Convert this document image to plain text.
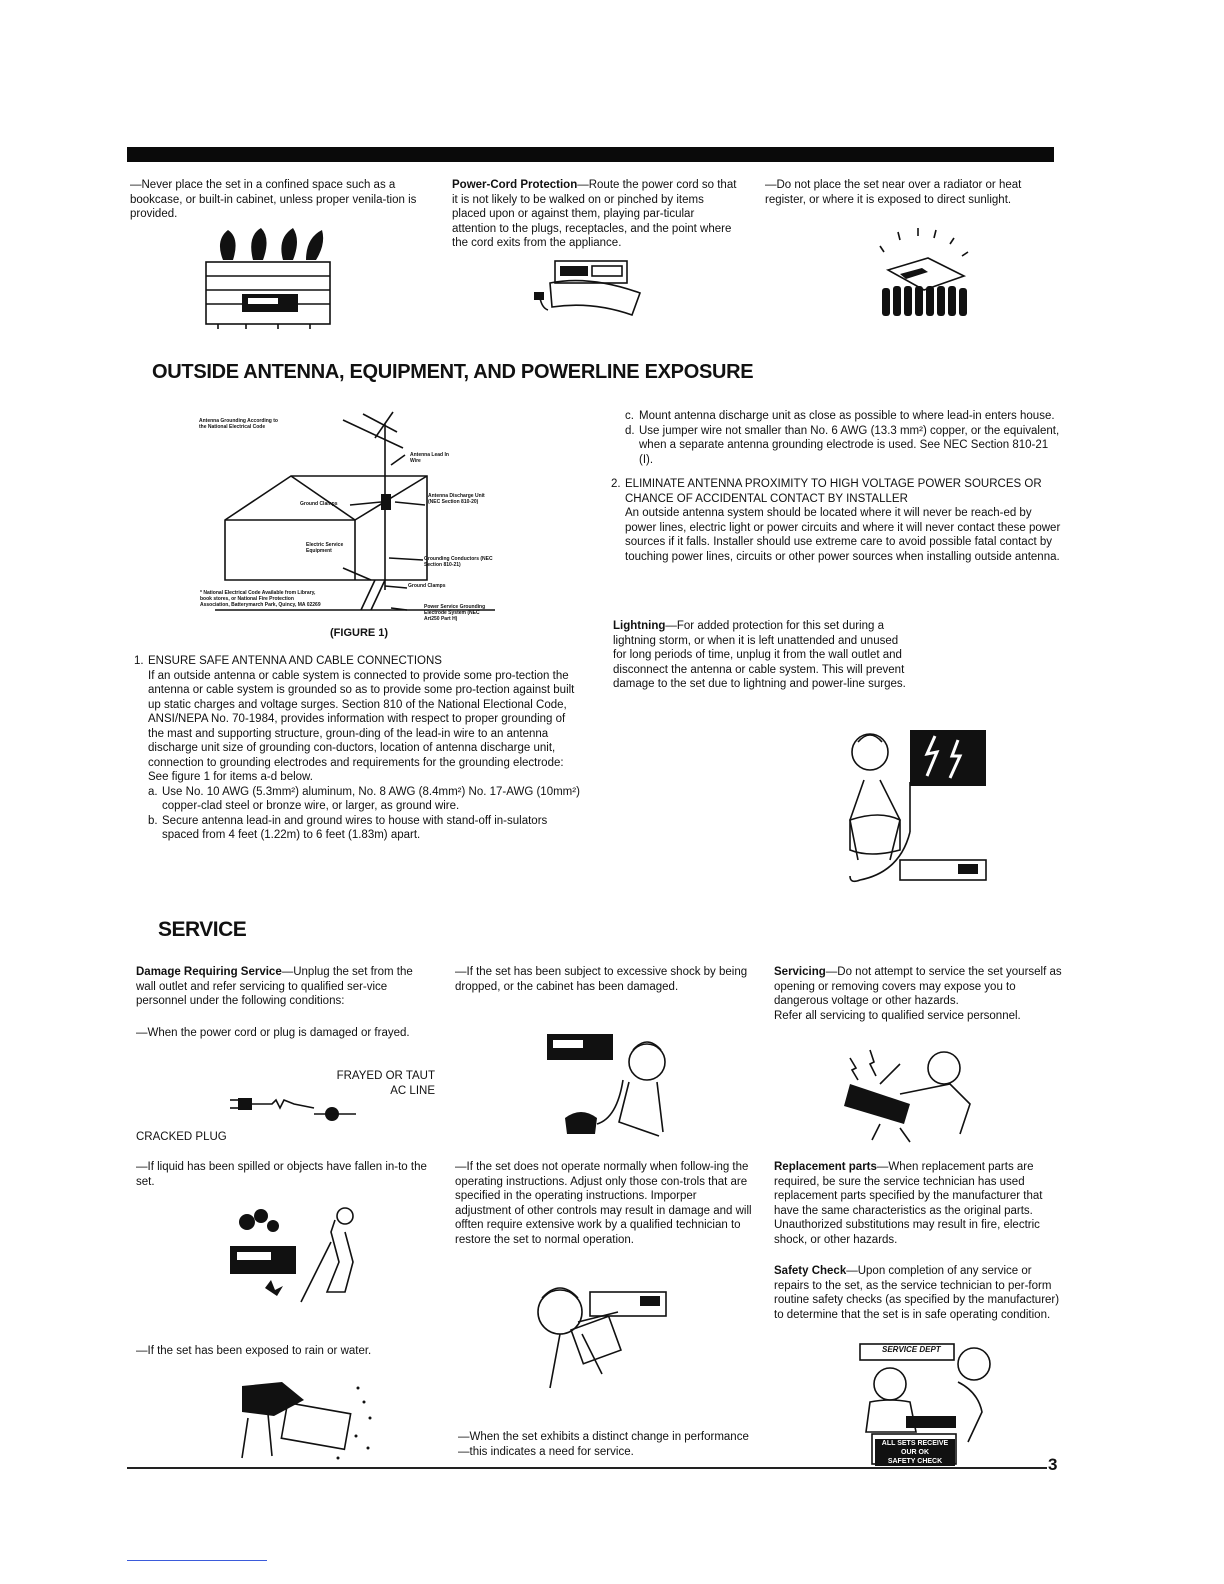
—Never place the set in a confined space such as a bookcase, or built-in cabinet, unless proper venila-tion is provided.
Power-Cord Protection—Route the power cord so that it is not likely to be walked on or pinched by items placed upon or against them, playing par-ticular attention to the plugs, receptacles, and the point where the cord exits from the appliance.
—Do not place the set near over a radiator or heat register, or where it is exposed to direct sunlight.
OUTSIDE ANTENNA, EQUIPMENT, AND POWERLINE EXPOSURE
Antenna Grounding According to
the National Electrical Code
Antenna Lead In Wire
Ground Clamps
Antenna Discharge Unit (NEC Section 810-20)
Electric Service Equipment
Grounding Conductors (NEC Section 810-21)
Ground Clamps
Power Service Grounding Electrode System (NEC Art250 Part H)
* National Electrical Code Available from Library, book stores, or National Fire Protection Association, Batterymarch Park, Quincy, MA 02269
(FIGURE 1)
1. ENSURE SAFE ANTENNA AND CABLE CONNECTIONS
If an outside antenna or cable system is connected to provide some pro-tection the antenna or cable system is grounded so as to provide some pro-tection against built up static charges and voltage surges. Section 810 of the National Electional Code, ANSI/NEPA No. 70-1984, provides information with respect to proper grounding of the mast and supporting structure, groun-ding of the lead-in wire to an antenna discharge unit size of grounding con-ductors, location of antenna discharge unit, connection to grounding electrodes and requirements for the grounding electrode:
See figure 1 for items a-d below.
a. Use No. 10 AWG (5.3mm²) aluminum, No. 8 AWG (8.4mm²) No. 17-AWG (10mm²) copper-clad steel or bronze wire, or larger, as ground wire.
b. Secure antenna lead-in and ground wires to house with stand-off in-sulators spaced from 4 feet (1.22m) to 6 feet (1.83m) apart.
c. Mount antenna discharge unit as close as possible to where lead-in enters house.
d. Use jumper wire not smaller than No. 6 AWG (13.3 mm²) copper, or the equivalent, when a separate antenna grounding electrode is used. See NEC Section 810-21 (I).
2. ELIMINATE ANTENNA PROXIMITY TO HIGH VOLTAGE POWER SOURCES OR CHANCE OF ACCIDENTAL CONTACT BY INSTALLER
An outside antenna system should be located where it will never be reach-ed by power lines, electric light or power circuits and where it will never contact these power sources if it falls. Installer should use extreme care to avoid possible fatal contact by touching power lines, circuits or other power sources when installing outside antenna.
Lightning—For added protection for this set during a lightning storm, or when it is left unattended and unused for long periods of time, unplug it from the wall outlet and disconnect the antenna or cable system. This will prevent damage to the set due to lightning and power-line surges.
SERVICE
Damage Requiring Service—Unplug the set from the wall outlet and refer servicing to qualified ser-vice personnel under the following conditions:
—When the power cord or plug is damaged or frayed.
FRAYED OR TAUT
AC LINE
CRACKED PLUG
—If liquid has been spilled or objects have fallen in-to the set.
—If the set has been exposed to rain or water.
—If the set has been subject to excessive shock by being dropped, or the cabinet has been damaged.
—If the set does not operate normally when follow-ing the operating instructions. Adjust only those con-trols that are specified in the operating instructions. Imporper adjustment of other controls may result in damage and will offten require extensive work by a qualified technician to restore the set to normal operation.
—When the set exhibits a distinct change in performance—this indicates a need for service.
Servicing—Do not attempt to service the set yourself as opening or removing covers may expose you to dangerous voltage or other hazards.
Refer all servicing to qualified service personnel.
Replacement parts—When replacement parts are required, be sure the service technician has used replacement parts specified by the manufacturer that have the same characteristics as the original parts. Unauthorized substitutions may result in fire, electric shock, or other hazards.
Safety Check—Upon completion of any service or repairs to the set, as the service technician to per-form routine safety checks (as specified by the manufacturer) to determine that the set is in safe operating condition.
SERVICE DEPT
ALL SETS RECEIVE
OUR OK
SAFETY CHECK	3
